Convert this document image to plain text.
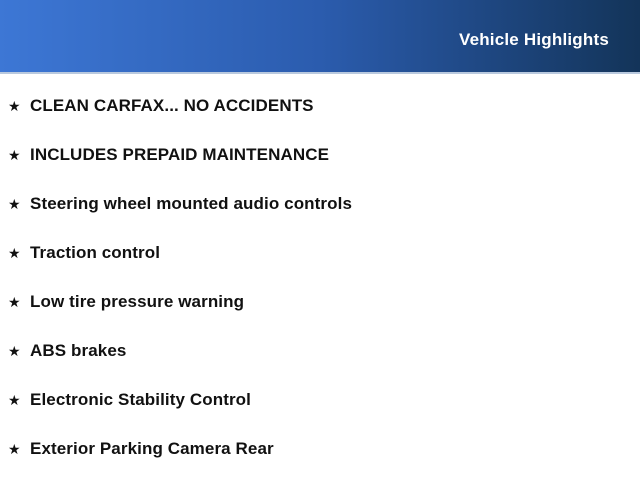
Vehicle Highlights
★ CLEAN CARFAX... NO ACCIDENTS
★ INCLUDES PREPAID MAINTENANCE
★ Steering wheel mounted audio controls
★ Traction control
★ Low tire pressure warning
★ ABS brakes
★ Electronic Stability Control
★ Exterior Parking Camera Rear
